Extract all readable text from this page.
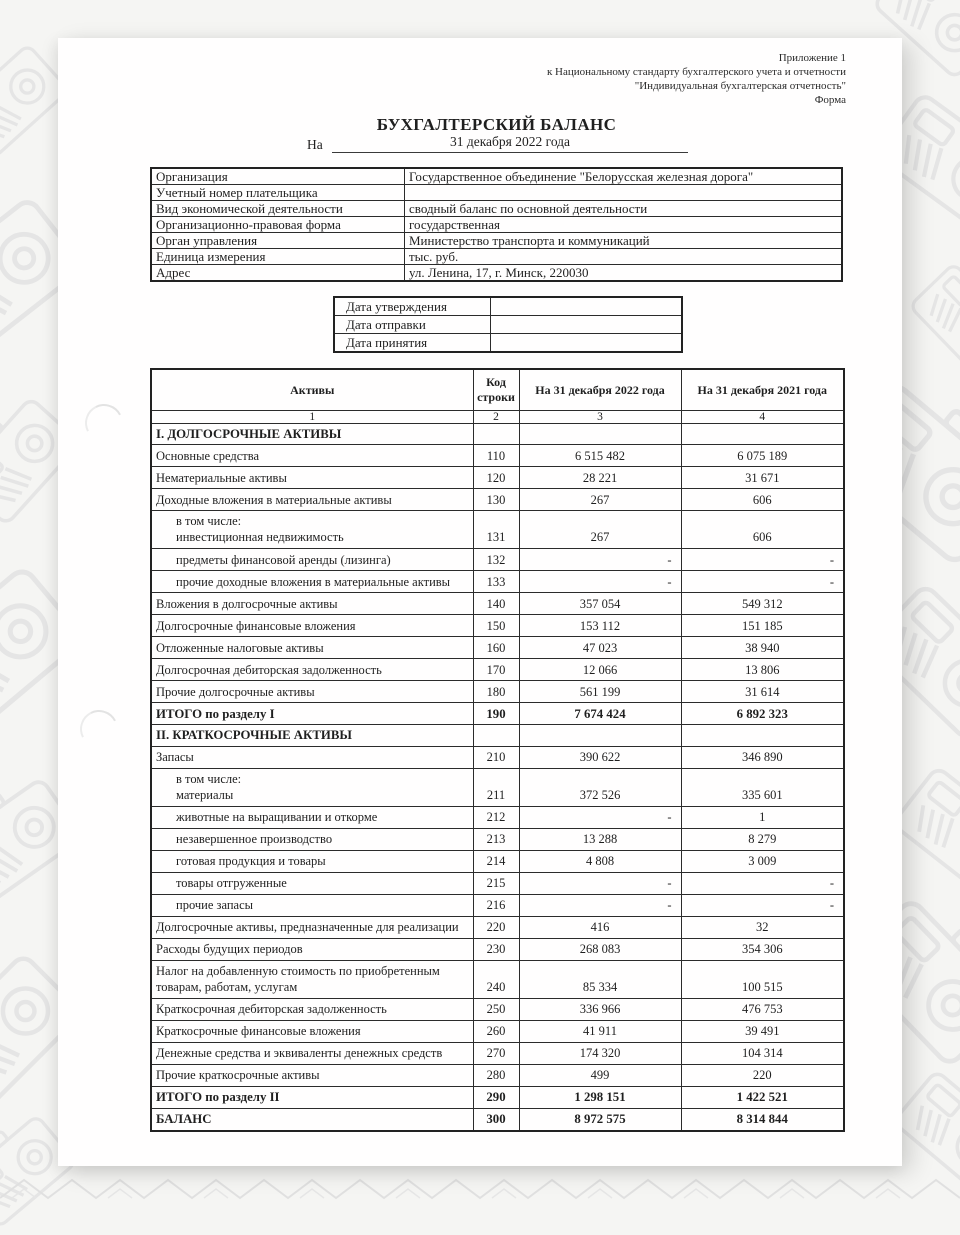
Приложение 1
к Национальному стандарту бухгалтерского учета и отчетности
"Индивидуальная бухгалтерская отчетность"
Форма
БУХГАЛТЕРСКИЙ БАЛАНС
На	31 декабря 2022 года
Организация	Государственное объединение "Белорусская железная дорога"
Учетный номер плательщика	
Вид экономической деятельности	сводный баланс по основной деятельности
Организационно-правовая форма	государственная
Орган управления	Министерство транспорта и коммуникаций
Единица измерения	тыс. руб.
Адрес	ул. Ленина, 17, г. Минск, 220030
Дата утверждения	
Дата отправки	
Дата принятия	
Активы	Код строки	На 31 декабря 2022 года	На 31 декабря 2021 года
1	2	3	4
I. ДОЛГОСРОЧНЫЕ АКТИВЫ			
Основные средства	110	6 515 482	6 075 189
Нематериальные активы	120	28 221	31 671
Доходные вложения в материальные активы	130	267	606

в том числе:
инвестиционная недвижимость	131	267	606
предметы финансовой аренды (лизинга)	132	-	-
прочие доходные вложения в материальные активы	133	-	-
Вложения в долгосрочные активы	140	357 054	549 312
Долгосрочные финансовые вложения	150	153 112	151 185
Отложенные налоговые активы	160	47 023	38 940
Долгосрочная дебиторская задолженность	170	12 066	13 806
Прочие долгосрочные активы	180	561 199	31 614
ИТОГО по разделу I	190	7 674 424	6 892 323
II. КРАТКОСРОЧНЫЕ АКТИВЫ			
Запасы	210	390 622	346 890

в том числе:
материалы	211	372 526	335 601
животные на выращивании и откорме	212	-	1
незавершенное производство	213	13 288	8 279
готовая продукция и товары	214	4 808	3 009
товары отгруженные	215	-	-
прочие запасы	216	-	-
Долгосрочные активы, предназначенные для реализации	220	416	32
Расходы будущих периодов	230	268 083	354 306
Налог на добавленную стоимость по приобретенным товарам, работам, услугам	240	85 334	100 515
Краткосрочная дебиторская задолженность	250	336 966	476 753
Краткосрочные финансовые вложения	260	41 911	39 491
Денежные средства и эквиваленты денежных средств	270	174 320	104 314
Прочие краткосрочные активы	280	499	220
ИТОГО по разделу II	290	1 298 151	1 422 521
БАЛАНС	300	8 972 575	8 314 844
